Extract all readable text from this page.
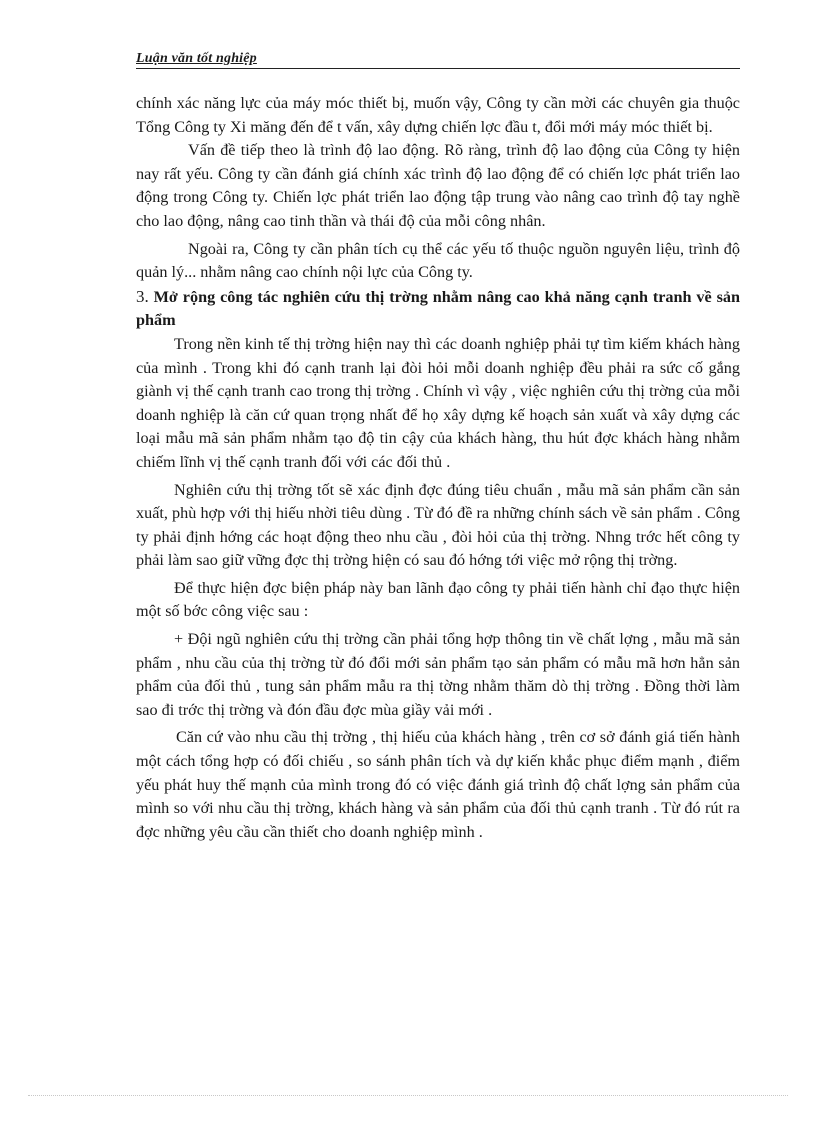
Luận văn tốt nghiệp

chính xác năng lực của máy móc thiết bị, muốn vậy, Công ty cần mời các chuyên gia thuộc Tổng Công ty Xi măng đến để t vấn, xây dựng chiến lợc đầu t, đổi mới máy móc thiết bị.

Vấn đề tiếp theo là trình độ lao động. Rõ ràng, trình độ lao động của Công ty hiện nay rất yếu. Công ty cần đánh giá chính xác trình độ lao động để có chiến lợc phát triển lao động trong Công ty. Chiến lợc phát triển lao động tập trung vào nâng cao trình độ tay nghề cho lao động, nâng cao tinh thần và thái độ của mỗi công nhân.

Ngoài ra, Công ty cần phân tích cụ thể các yếu tố thuộc nguồn nguyên liệu, trình độ quản lý... nhằm nâng cao chính nội lực của Công ty.

3. Mở rộng công tác nghiên cứu thị trờng nhằm nâng cao khả năng cạnh tranh về sản phẩm

Trong nền kinh tế thị trờng hiện nay thì các doanh nghiệp phải tự tìm kiếm khách hàng của mình . Trong khi đó cạnh tranh lại đòi hỏi mỗi doanh nghiệp đều phải ra sức cố gắng giành vị thế cạnh tranh cao trong thị trờng . Chính vì vậy , việc nghiên cứu thị trờng của mỗi doanh nghiệp là căn cứ quan trọng nhất để họ xây dựng kế hoạch sản xuất và xây dựng các loại mẫu mã sản phẩm nhằm tạo độ tin cậy của khách hàng, thu hút đợc khách hàng nhằm chiếm lĩnh vị thế cạnh tranh đối với các đối thủ .

Nghiên cứu thị trờng tốt sẽ xác định đợc đúng tiêu chuẩn , mẫu mã sản phẩm cần sản xuất, phù hợp với thị hiếu nhời tiêu dùng . Từ đó đề ra những chính sách về sản phẩm . Công ty phải định hớng các hoạt động theo nhu cầu , đòi hỏi của thị trờng. Nhng trớc hết công ty phải làm sao giữ vững đợc thị trờng hiện có sau đó hớng tới việc mở rộng thị trờng.

Để thực hiện đợc biện pháp này ban lãnh đạo công ty phải tiến hành chỉ đạo thực hiện một số bớc công việc sau :

+ Đội ngũ nghiên cứu thị trờng cần phải tổng hợp thông tin về chất lợng , mẫu mã sản phẩm , nhu cầu của thị trờng từ đó đổi mới sản phẩm tạo sản phẩm có mẫu mã hơn hẳn sản phẩm của đối thủ , tung sản phẩm mẫu ra thị tờng nhằm thăm dò thị trờng . Đồng thời làm sao đi trớc thị trờng và đón đầu đợc mùa giầy vải mới .

Căn cứ vào nhu cầu thị trờng , thị hiếu của khách hàng , trên cơ sở đánh giá tiến hành một cách tổng hợp có đối chiếu , so sánh phân tích và dự kiến khắc phục điểm mạnh , điểm yếu phát huy thế mạnh của mình trong đó có việc đánh giá trình độ chất lợng sản phẩm của mình so với nhu cầu thị trờng, khách hàng và sản phẩm của đối thủ cạnh tranh . Từ đó rút ra đợc những yêu cầu cần thiết cho doanh nghiệp mình .
